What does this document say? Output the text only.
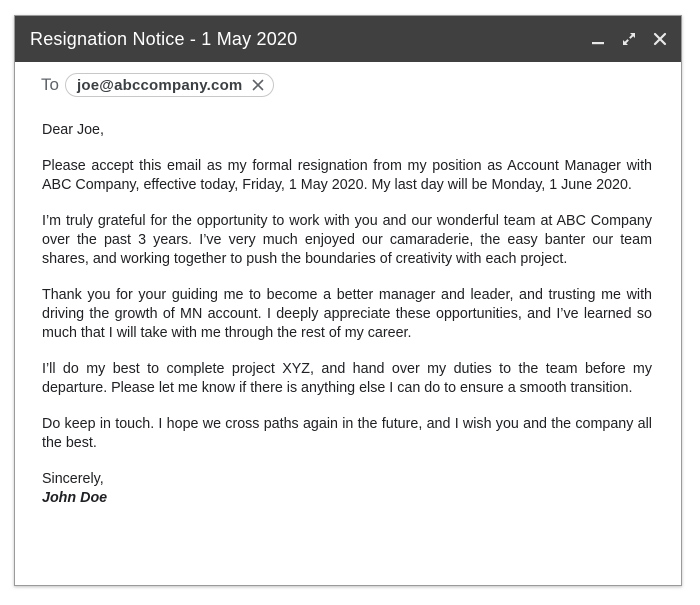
Resignation Notice - 1 May 2020
To joe@abccompany.com

Dear Joe,

Please accept this email as my formal resignation from my position as Account Manager with ABC Company, effective today, Friday, 1 May 2020. My last day will be Monday, 1 June 2020.

I’m truly grateful for the opportunity to work with you and our wonderful team at ABC Company over the past 3 years. I’ve very much enjoyed our camaraderie, the easy banter our team shares, and working together to push the boundaries of creativity with each project.

Thank you for your guiding me to become a better manager and leader, and trusting me with driving the growth of MN account. I deeply appreciate these opportunities, and I’ve learned so much that I will take with me through the rest of my career.

I’ll do my best to complete project XYZ, and hand over my duties to the team before my departure. Please let me know if there is anything else I can do to ensure a smooth transition.

Do keep in touch. I hope we cross paths again in the future, and I wish you and the company all the best.

Sincerely,
John Doe
